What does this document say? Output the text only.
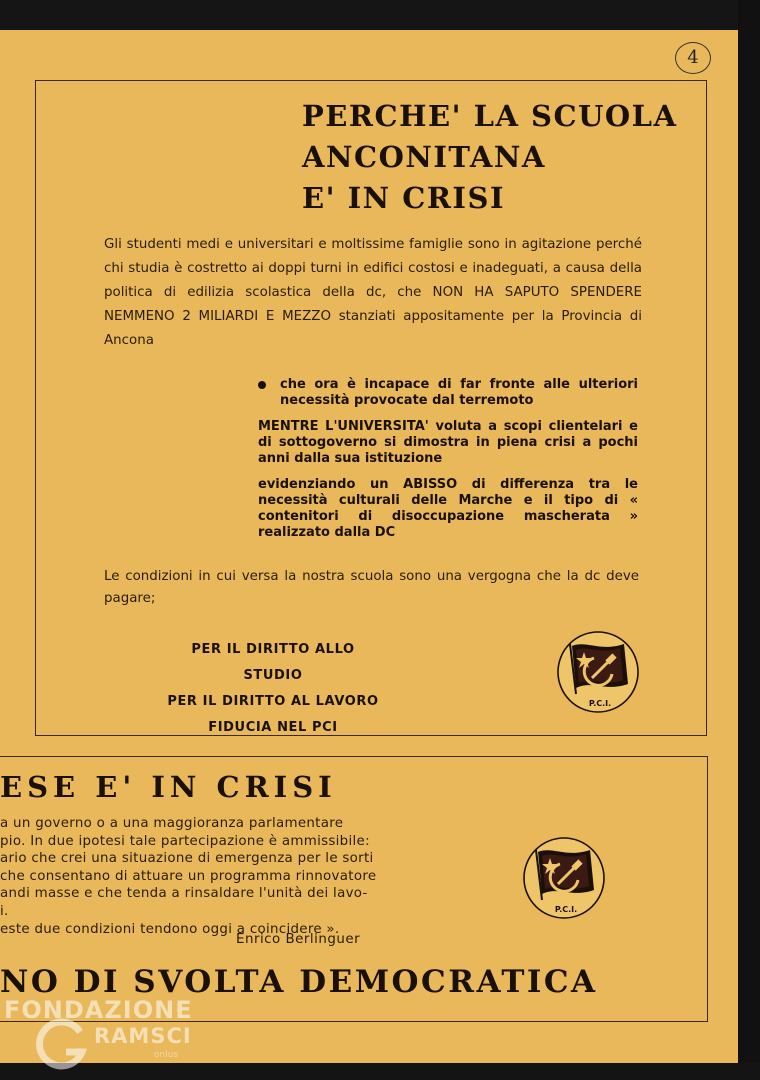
4
PERCHE' LA SCUOLA
ANCONITANA
E' IN CRISI
Gli studenti medi e universitari e moltissime famiglie sono in agitazione perché chi studia è costretto ai doppi turni in edifici costosi e inadeguati, a causa della politica di edilizia scolastica della dc, che NON HA SAPUTO SPENDERE NEMMENO 2 MILIARDI E MEZZO stanziati appositamente per la Provincia di Ancona

che ora è incapace di far fronte alle ulteriori necessità provocate dal terremoto

MENTRE L'UNIVERSITA' voluta a scopi clientelari e di sottogoverno si dimostra in piena crisi a pochi anni dalla sua istituzione

evidenziando un ABISSO di differenza tra le necessità culturali delle Marche e il tipo di « contenitori di disoccupazione mascherata » realizzato dalla DC

Le condizioni in cui versa la nostra scuola sono una vergogna che la dc deve pagare;
PER IL DIRITTO ALLO STUDIO
PER IL DIRITTO AL LAVORO
FIDUCIA NEL PCI
P.C.I.
ESE E' IN CRISI
a un governo o a una maggioranza parlamentare
pio. In due ipotesi tale partecipazione è ammissibile:
ario che crei una situazione di emergenza per le sorti
che consentano di attuare un programma rinnovatore
andi masse e che tenda a rinsaldare l'unità dei lavo-
i.
este due condizioni tendono oggi a coincidere ».
Enrico Berlinguer
P.C.I.
NO DI SVOLTA DEMOCRATICA
FONDAZIONE
RAMSCI
onlus
